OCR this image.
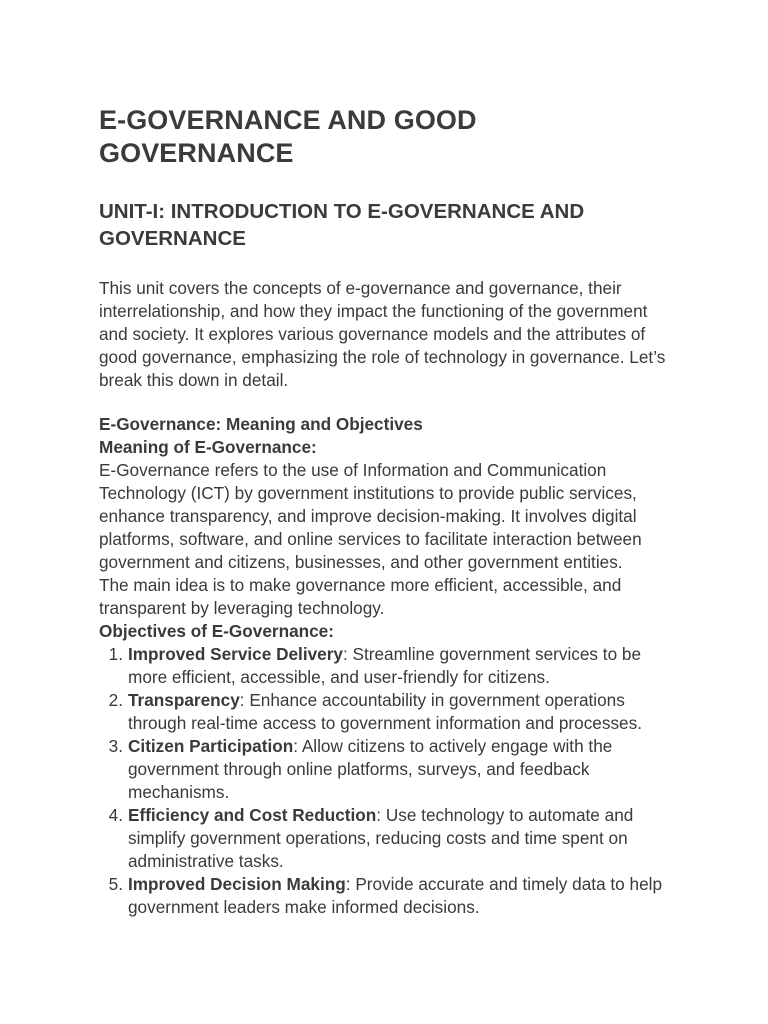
E-GOVERNANCE AND GOOD GOVERNANCE
UNIT-I: INTRODUCTION TO E-GOVERNANCE AND GOVERNANCE

This unit covers the concepts of e-governance and governance, their interrelationship, and how they impact the functioning of the government and society. It explores various governance models and the attributes of good governance, emphasizing the role of technology in governance. Let’s break this down in detail.

E-Governance: Meaning and Objectives
Meaning of E-Governance:

E-Governance refers to the use of Information and Communication Technology (ICT) by government institutions to provide public services, enhance transparency, and improve decision-making. It involves digital platforms, software, and online services to facilitate interaction between government and citizens, businesses, and other government entities.

The main idea is to make governance more efficient, accessible, and transparent by leveraging technology.

Objectives of E-Governance:
Improved Service Delivery: Streamline government services to be more efficient, accessible, and user-friendly for citizens.
Transparency: Enhance accountability in government operations through real-time access to government information and processes.
Citizen Participation: Allow citizens to actively engage with the government through online platforms, surveys, and feedback mechanisms.
Efficiency and Cost Reduction: Use technology to automate and simplify government operations, reducing costs and time spent on administrative tasks.
Improved Decision Making: Provide accurate and timely data to help government leaders make informed decisions.
